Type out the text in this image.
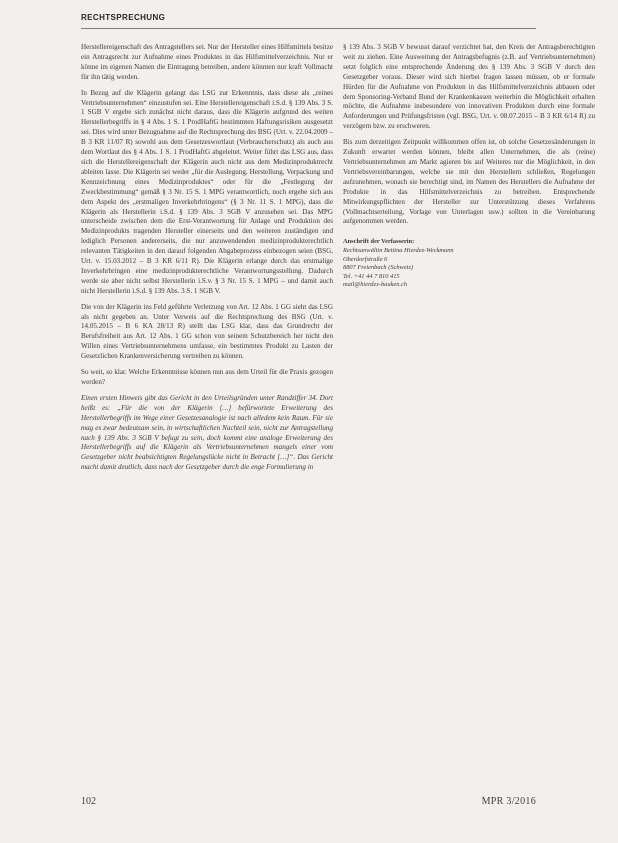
RECHTSPRECHUNG

Herstellereigenschaft des Antragstellers sei. Nur der Hersteller eines Hilfsmittels besitze ein Antragsrecht zur Aufnahme eines Produktes in das Hilfsmittelverzeichnis. Nur er könne im eigenen Namen die Eintragung betreiben, andere könnten nur kraft Vollmacht für ihn tätig werden.

In Bezug auf die Klägerin gelangt das LSG zur Erkenntnis, dass diese als „reines Vertriebsunternehmen“ einzustufen sei. Eine Herstellereigenschaft i.S.d. § 139 Abs. 3 S. 1 SGB V ergebe sich zunächst nicht daraus, dass die Klägerin aufgrund des weiten Herstellerbegriffs in § 4 Abs. 1 S. 1 ProdHaftG bestimmten Haftungsrisiken ausgesetzt sei. Dies wird unter Bezugnahme auf die Rechtsprechung des BSG (Urt. v. 22.04.2009 – B 3 KR 11/07 R) sowohl aus dem Gesetzeswortlaut (Verbraucherschutz) als auch aus dem Wortlaut des § 4 Abs. 1 S. 1 ProdHaftG abgeleitet. Weiter führt das LSG aus, dass sich die Herstellereigenschaft der Klägerin auch nicht aus dem Medizinproduktrecht ableiten lasse. Die Klägerin sei weder „für die Auslegung, Herstellung, Verpackung und Kennzeichnung eines Medizinproduktes“ oder für die „Festlegung der Zweckbestimmung“ gemäß § 3 Nr. 15 S. 1 MPG verantwortlich, noch ergebe sich aus dem Aspekt des „erstmaligen Inverkehrbringens“ (§ 3 Nr. 11 S. 1 MPG), dass die Klägerin als Herstellerin i.S.d. § 139 Abs. 3 SGB V anzusehen sei. Das MPG unterscheide zwischen dem die Erst-Verantwortung für Anlage und Produktion des Medizinprodukts tragenden Hersteller einerseits und den weiteren zuständigen und lediglich Personen andererseits, die nur anzuwendenden medizinprodukterechtlich relevanten Tätigkeiten in den darauf folgenden Abgabeprozess einbezogen seien (BSG, Urt. v. 15.03.2012 – B 3 KR 6/11 R). Die Klägerin erlange durch das erstmalige Inverkehrbringen eine medizinprodukterechtliche Verantwortungsstellung. Dadurch werde sie aber nicht selbst Herstellerin i.S.v. § 3 Nr. 15 S. 1 MPG – und damit auch nicht Herstellerin i.S.d. § 139 Abs. 3 S. 1 SGB V.

Die von der Klägerin ins Feld geführte Verletzung von Art. 12 Abs. 1 GG sieht das LSG als nicht gegeben an. Unter Verweis auf die Rechtsprechung des BSG (Urt. v. 14.05.2015 – B 6 KA 28/13 R) stellt das LSG klar, dass das Grundrecht der Berufsfreiheit aus Art. 12 Abs. 1 GG schon von seinem Schutzbereich her nicht den Willen eines Vertriebsunternehmens umfasse, ein bestimmtes Produkt zu Lasten der Gesetzlichen Krankenversicherung vertreiben zu können.

So weit, so klar. Welche Erkenntnisse können nun aus dem Urteil für die Praxis gezogen werden?

Einen ersten Hinweis gibt das Gericht in den Urteilsgründen unter Randziffer 34. Dort heißt es: „Für die von der Klägerin […] befürwortete Erweiterung des Herstellerbegriffs im Wege einer Gesetzesanalogie ist nach alledem kein Raum. Für sie mag es zwar bedeutsam sein, in wirtschaftlichen Nachteil sein, nicht zur Antragstellung nach § 139 Abs. 3 SGB V befugt zu sein, doch kommt eine analoge Erweiterung des Herstellerbegriffs auf die Klägerin als Vertriebsunternehmen mangels einer vom Gesetzgeber nicht beabsichtigten Regelungslücke nicht in Betracht […]“. Das Gericht macht damit deutlich, dass nach der Gesetzgeber durch die enge Formulierung in

§ 139 Abs. 3 SGB V bewusst darauf verzichtet hat, den Kreis der Antragsberechtigten weit zu ziehen. Eine Ausweitung der Antragsbefugnis (z.B. auf Vertriebsunternehmen) setzt folglich eine entsprechende Änderung des § 139 Abs. 3 SGB V durch den Gesetzgeber voraus. Dieser wird sich hierbei fragen lassen müssen, ob er formale Hürden für die Aufnahme von Produkten in das Hilfsmittelverzeichnis abbauen oder dem Sponsoring-Verband Bund der Krankenkassen weiterhin die Möglichkeit erhalten möchte, die Aufnahme insbesondere von innovativen Produkten durch eine formale Anforderungen und Prüfungsfristen (vgl. BSG, Urt. v. 08.07.2015 – B 3 KR 6/14 R) zu verzögern bzw. zu erschweren.

Bis zum derzeitigen Zeitpunkt willkommen offen ist, ob solche Gesetzesänderungen in Zukunft erwartet werden können, bleibt allen Unternehmen, die als (reine) Vertriebsunternehmen am Markt agieren bis auf Weiteres nur die Möglichkeit, in den Vertriebsvereinbarungen, welche sie mit den Herstellern schließen, Regelungen aufzunehmen, wonach sie berechtigt sind, im Namen des Herstellers die Aufnahme der Produkte in das Hilfsmittelverzeichnis zu betreiben. Entsprechende Mitwirkungspflichten der Hersteller zur Unterstützung dieses Verfahrens (Vollmachtserteilung, Vorlage von Unterlagen usw.) sollten in die Vereinbarung aufgenommen werden.

Anschrift der Verfasserin:
Rechtsanwältin Bettina Hierdez-Weckmann
Oberdorfstraße 6
8807 Freienbach (Schweiz)
Tel. +41 44 7 810 415
mail@hierdez-bauken.ch
102	MPR 3/2016
